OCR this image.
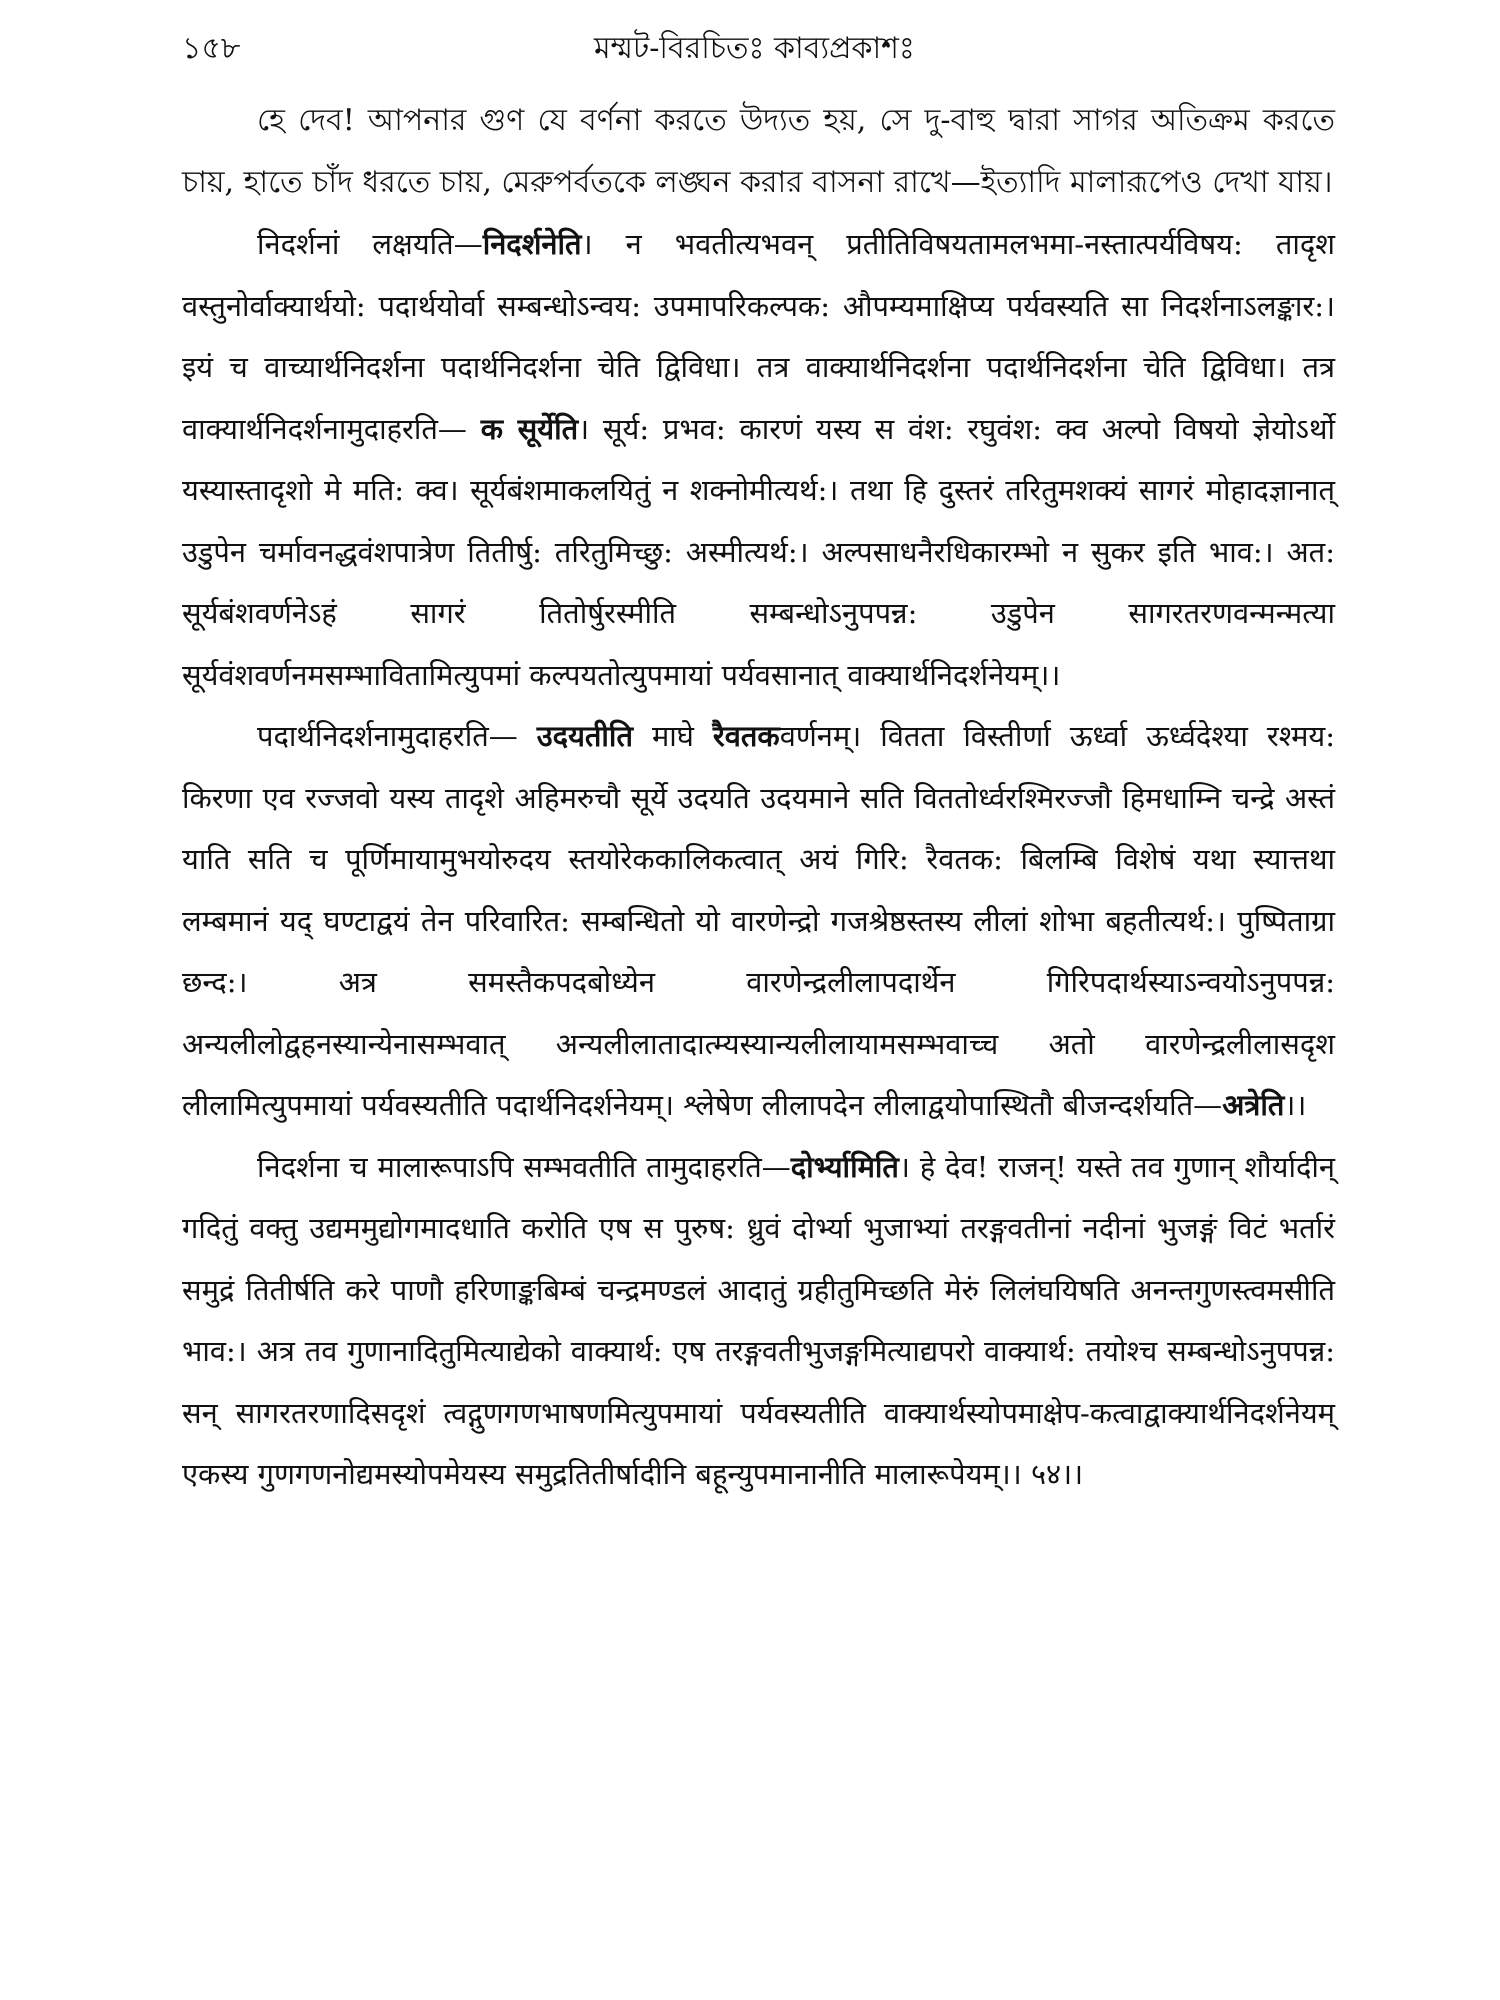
১৫৮	মম্মট-বিরচিতঃ কাব্যপ্রকাশঃ

হে দেব! আপনার গুণ যে বর্ণনা করতে উদ্যত হয়, সে দু-বাহু দ্বারা সাগর অতিক্রম করতে চায়, হাতে চাঁদ ধরতে চায়, মেরুপর্বতকে লঙ্ঘন করার বাসনা রাখে—ইত্যাদি মালারূপেও দেখা যায়।

निदर्शनां लक्षयति—निदर्शनेति। न भवतीत्यभवन् प्रतीतिविषयतामलभमा-नस्तात्पर्यविषय: तादृश वस्तुनोर्वाक्यार्थयो: पदार्थयोर्वा सम्बन्धोऽन्वय: उपमापरिकल्पक: औपम्यमाक्षिप्य पर्यवस्यति सा निदर्शनाऽलङ्कार:। इयं च वाच्यार्थनिदर्शना पदार्थनिदर्शना चेति द्विविधा। तत्र वाक्यार्थनिदर्शना पदार्थनिदर्शना चेति द्विविधा। तत्र वाक्यार्थनिदर्शनामुदाहरति— क सूर्येति। सूर्य: प्रभव: कारणं यस्य स वंश: रघुवंश: क्व अल्पो विषयो ज्ञेयोऽर्थो यस्यास्तादृशो मे मति: क्व। सूर्यबंशमाकलयितुं न शक्नोमीत्यर्थ:। तथा हि दुस्तरं तरितुमशक्यं सागरं मोहादज्ञानात् उडुपेन चर्मावनद्धवंशपात्रेण तितीर्षु: तरितुमिच्छु: अस्मीत्यर्थ:। अल्पसाधनैरधिकारम्भो न सुकर इति भाव:। अत: सूर्यबंशवर्णनेऽहं सागरं तितोर्षुरस्मीति सम्बन्धोऽनुपपन्न: उडुपेन सागरतरणवन्मन्मत्या सूर्यवंशवर्णनमसम्भावितामित्युपमां कल्पयतोत्युपमायां पर्यवसानात् वाक्यार्थनिदर्शनेयम्।।

पदार्थनिदर्शनामुदाहरति— उदयतीति माघे रैवतकवर्णनम्। वितता विस्तीर्णा ऊर्ध्वा ऊर्ध्वदेश्या रश्मय: किरणा एव रज्जवो यस्य तादृशे अहिमरुचौ सूर्ये उदयति उदयमाने सति विततोर्ध्वरश्मिरज्जौ हिमधाम्नि चन्द्रे अस्तं याति सति च पूर्णिमायामुभयोरुदय स्तयोरेककालिकत्वात् अयं गिरि: रैवतक: बिलम्बि विशेषं यथा स्यात्तथा लम्बमानं यद् घण्टाद्वयं तेन परिवारित: सम्बन्धितो यो वारणेन्द्रो गजश्रेष्ठस्तस्य लीलां शोभा बहतीत्यर्थ:। पुष्पिताग्रा छन्द:। अत्र समस्तैकपदबोध्येन वारणेन्द्रलीलापदार्थेन गिरिपदार्थस्याऽन्वयोऽनुपपन्न: अन्यलीलोद्वहनस्यान्येनासम्भवात् अन्यलीलातादात्म्यस्यान्यलीलायामसम्भवाच्च अतो वारणेन्द्रलीलासदृश लीलामित्युपमायां पर्यवस्यतीति पदार्थनिदर्शनेयम्। श्लेषेण लीलापदेन लीलाद्वयोपास्थितौ बीजन्दर्शयति—अत्रेति।।

निदर्शना च मालारूपाऽपि सम्भवतीति तामुदाहरति—दोर्भ्यामिति। हे देव! राजन्! यस्ते तव गुणान् शौर्यादीन् गदितुं वक्तु उद्यममुद्योगमादधाति करोति एष स पुरुष: ध्रुवं दोर्भ्या भुजाभ्यां तरङ्गवतीनां नदीनां भुजङ्गं विटं भर्तारं समुद्रं तितीर्षति करे पाणौ हरिणाङ्कबिम्बं चन्द्रमण्डलं आदातुं ग्रहीतुमिच्छति मेरुं लिलंघयिषति अनन्तगुणस्त्वमसीति भाव:। अत्र तव गुणानादितुमित्याद्येको वाक्यार्थ: एष तरङ्गवतीभुजङ्गमित्याद्यपरो वाक्यार्थ: तयोश्च सम्बन्धोऽनुपपन्न: सन् सागरतरणादिसदृशं त्वद्गुणगणभाषणमित्युपमायां पर्यवस्यतीति वाक्यार्थस्योपमाक्षेप-कत्वाद्वाक्यार्थनिदर्शनेयम् एकस्य गुणगणनोद्यमस्योपमेयस्य समुद्रतितीर्षादीनि बहून्युपमानानीति मालारूपेयम्।। ५४।।
